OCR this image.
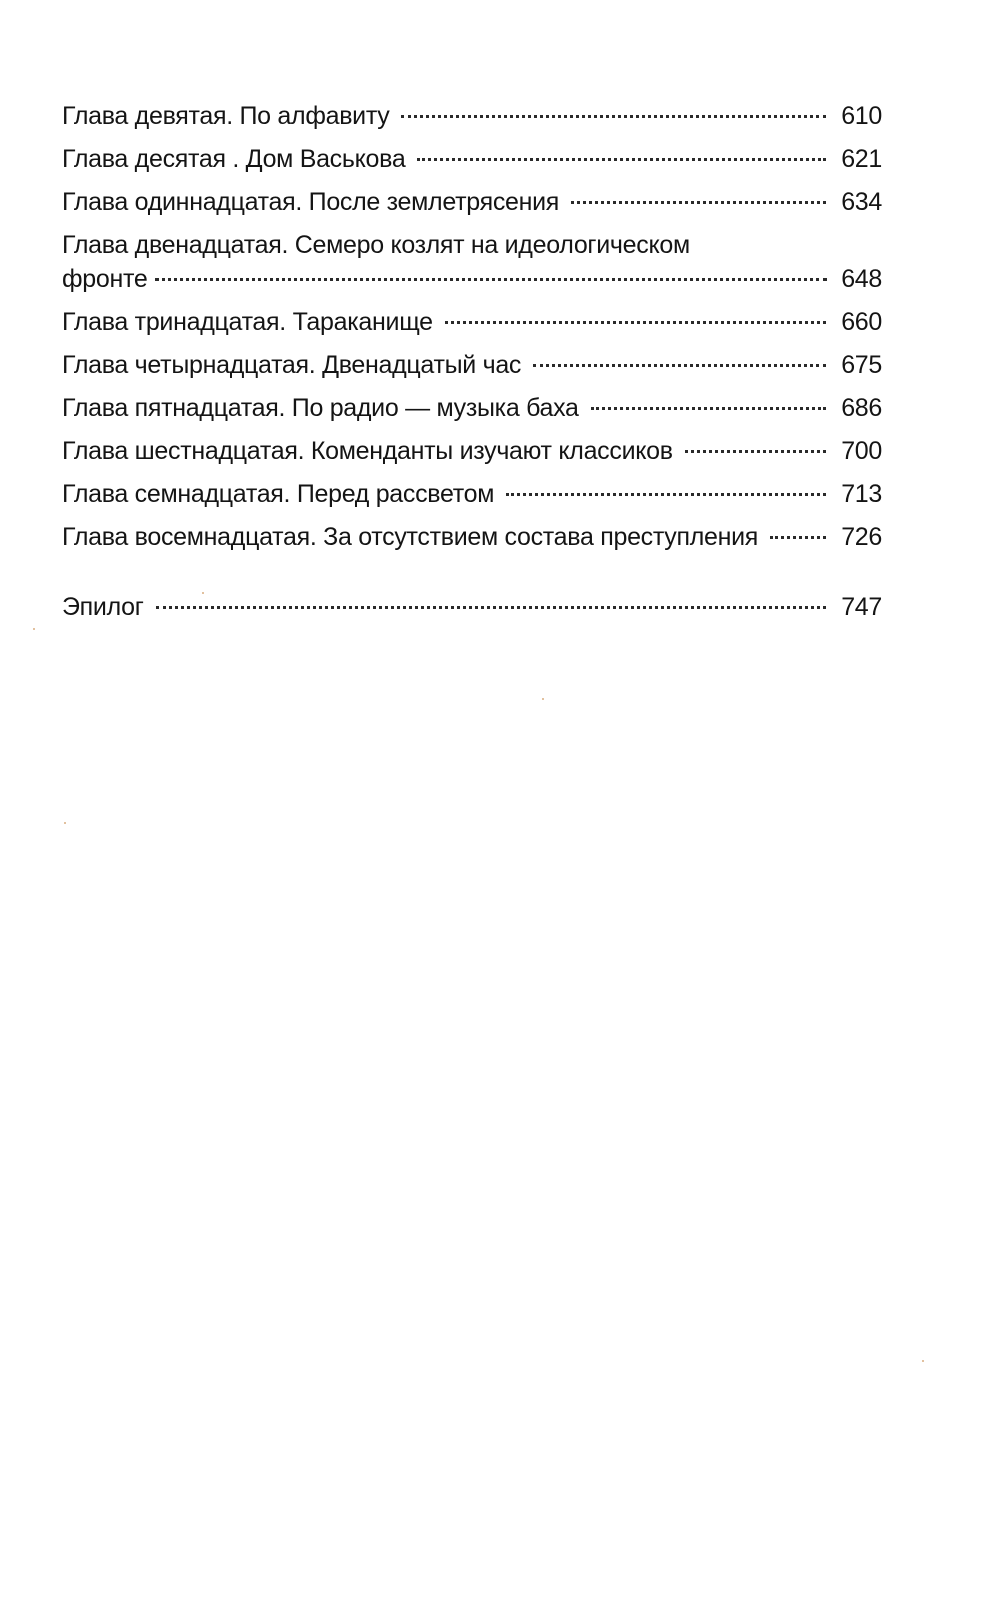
Глава девятая. По алфавиту	610
Глава десятая . Дом Васькова	621
Глава одиннадцатая. После землетрясения	634
Глава двенадцатая. Семеро козлят на идеологическом
фронте	648
Глава тринадцатая. Тараканище	660
Глава четырнадцатая. Двенадцатый час	675
Глава пятнадцатая. По радио — музыка баха	686
Глава шестнадцатая. Коменданты изучают классиков	700
Глава семнадцатая. Перед рассветом	713
Глава восемнадцатая. За отсутствием состава преступления	726
Эпилог	747
